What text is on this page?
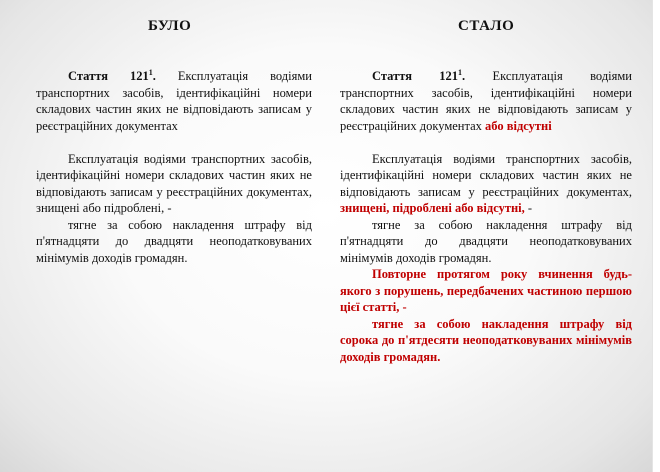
БУЛО	СТАЛО

Стаття $121^1$. Експлуатація водіями транспортних засобів, ідентифікаційні номери складових частин яких не відповідають записам у реєстраційних документах

Експлуатація водіями транспортних засобів, ідентифікаційні номери складових частин яких не відповідають записам у реєстраційних документах, знищені або підроблені, -

тягне за собою накладення штрафу від п'ятнадцяти до двадцяти неоподатковуваних мінімумів доходів громадян.

Стаття $121^1$. Експлуатація водіями транспортних засобів, ідентифікаційні номери складових частин яких не відповідають записам у реєстраційних документах або відсутні

Експлуатація водіями транспортних засобів, ідентифікаційні номери складових частин яких не відповідають записам у реєстраційних документах, знищені, підроблені або відсутні, -

тягне за собою накладення штрафу від п'ятнадцяти до двадцяти неоподатковуваних мінімумів доходів громадян.

Повторне протягом року вчинення будь-якого з порушень, передбачених частиною першою цієї статті, -

тягне за собою накладення штрафу від сорока до п'ятдесяти неоподатковуваних мінімумів доходів громадян.
